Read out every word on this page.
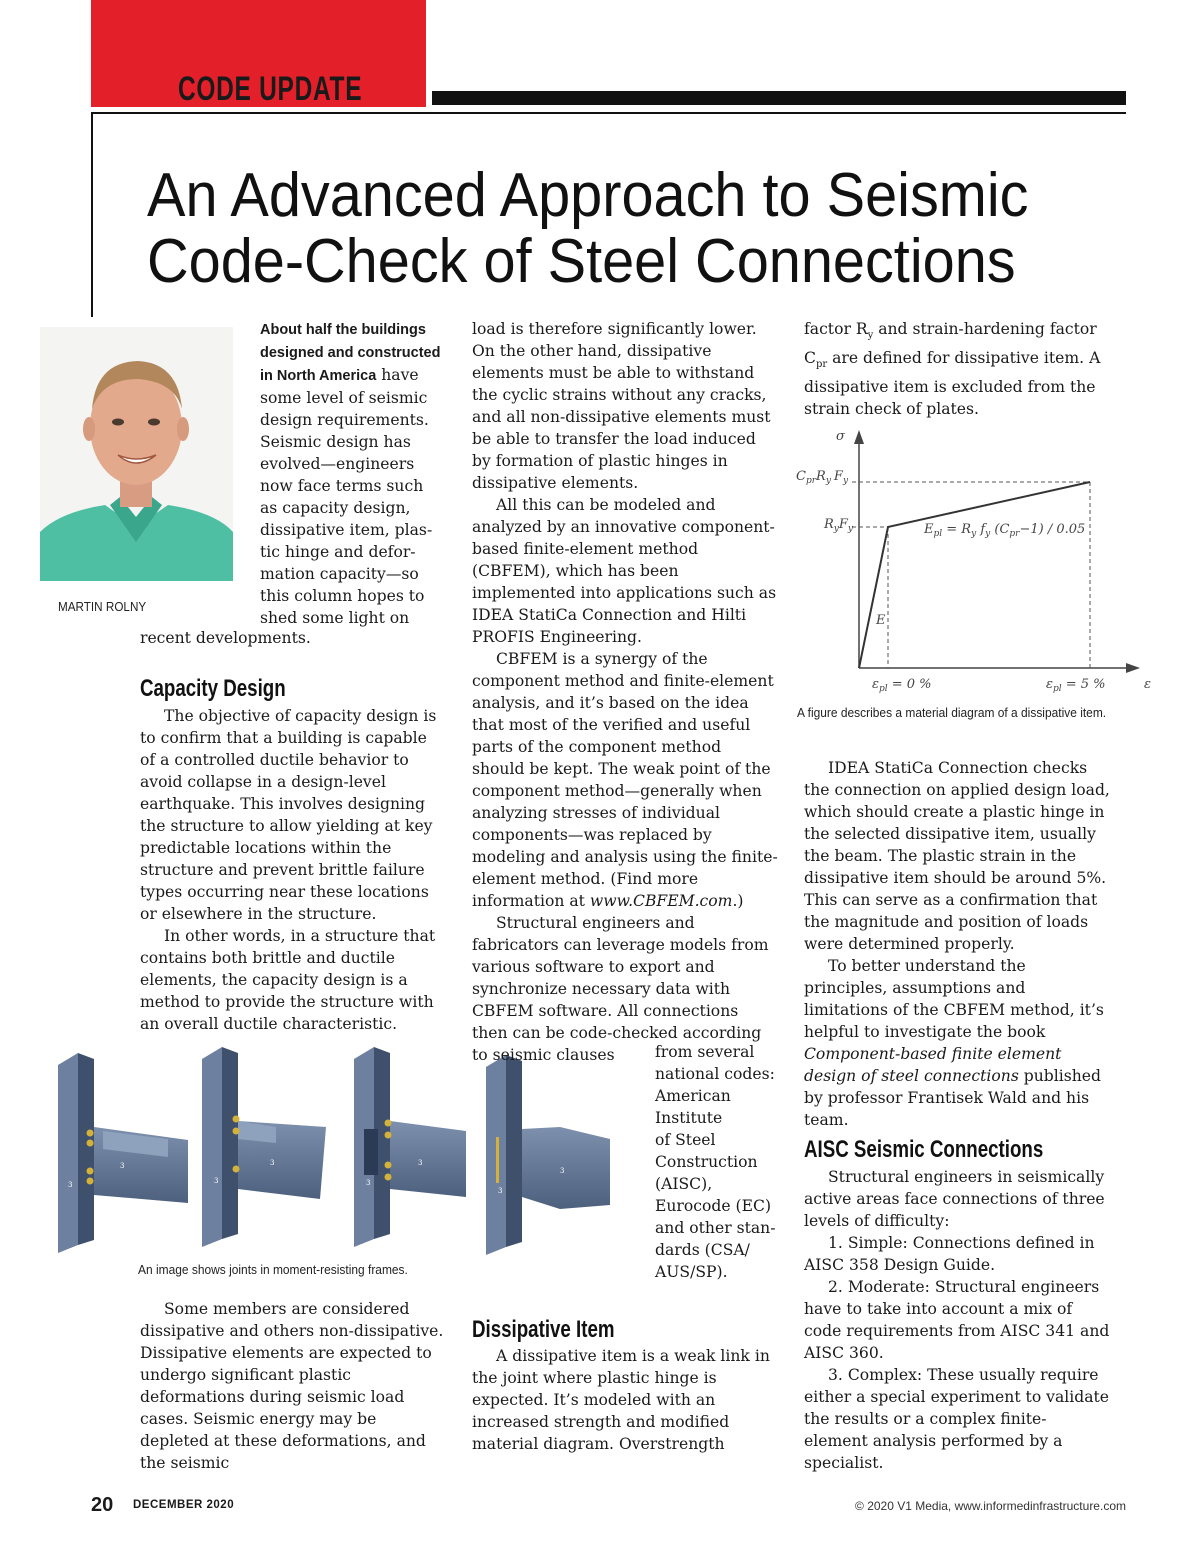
CODE UPDATE
An Advanced Approach to Seismic
Code-Check of Steel Connections
MARTIN ROLNY
About half the buildings
designed and constructed
in North America have
some level of seismic
design requirements.
Seismic design has
evolved—engineers
now face terms such
as capacity design,
dissipative item, plas-
tic hinge and defor-
mation capacity—so
this column hopes to
shed some light on
recent developments.
Capacity Design

The objective of capacity design is to confirm that a building is capable of a controlled ductile behavior to avoid collapse in a design-level earthquake. This involves designing the structure to allow yielding at key predictable locations within the structure and prevent brittle failure types occurring near these locations or elsewhere in the structure.

In other words, in a structure that contains both brittle and ductile elements, the capacity design is a method to provide the structure with an overall ductile characteristic.

3
3
3
3
3
3
3
3
An image shows joints in moment-resisting frames.

Some members are considered dissipative and others non-dissipative. Dissipative elements are expected to undergo significant plastic deformations during seismic load cases. Seismic energy may be depleted at these deformations, and the seismic

load is therefore significantly lower. On the other hand, dissipative elements must be able to withstand the cyclic strains without any cracks, and all non-dissipative elements must be able to transfer the load induced by formation of plastic hinges in dissipative elements.

All this can be modeled and analyzed by an innovative component-based finite-element method (CBFEM), which has been implemented into applications such as IDEA StatiCa Connection and Hilti PROFIS Engineering.

CBFEM is a synergy of the component method and finite-element analysis, and it’s based on the idea that most of the verified and useful parts of the component method should be kept. The weak point of the component method—generally when analyzing stresses of individual components—was replaced by modeling and analysis using the finite-element method. (Find more information at www.CBFEM.com.)

Structural engineers and fabricators can leverage models from various software to export and synchronize necessary data with CBFEM software. All connections then can be code-checked according to seismic clauses	from several
national codes:
American
Institute
of Steel
Construction
(AISC),
Eurocode (EC)
and other stan-
dards (CSA/
AUS/SP).
Dissipative Item

A dissipative item is a weak link in the joint where plastic hinge is expected. It’s modeled with an increased strength and modified material diagram. Overstrength

factor $R_y$ and strain-hardening factor $C_{pr}$ are defined for dissipative item. A dissipative item is excluded from the strain check of plates.

σ
ε
$C_{pr}R_y$ $F_y$
$R_yF_y$
E
$E_{pl} = R_y$ $f_y$ $(C_{pr}-1) / 0.05$
$\varepsilon_{pl} = 0$ %	$\varepsilon_{pl} = 5$ %
A figure describes a material diagram of a dissipative item.

IDEA StatiCa Connection checks the connection on applied design load, which should create a plastic hinge in the selected dissipative item, usually the beam. The plastic strain in the dissipative item should be around 5%. This can serve as a confirmation that the magnitude and position of loads were determined properly.

To better understand the principles, assumptions and limitations of the CBFEM method, it’s helpful to investigate the book Component-based finite element design of steel connections published by professor Frantisek Wald and his team.

AISC Seismic Connections

Structural engineers in seismically active areas face connections of three levels of difficulty:

1. Simple: Connections defined in AISC 358 Design Guide.

2. Moderate: Structural engineers have to take into account a mix of code requirements from AISC 341 and AISC 360.

3. Complex: These usually require either a special experiment to validate the results or a complex finite-element analysis performed by a specialist.

20 DECEMBER 2020	© 2020 V1 Media, www.informedinfrastructure.com
